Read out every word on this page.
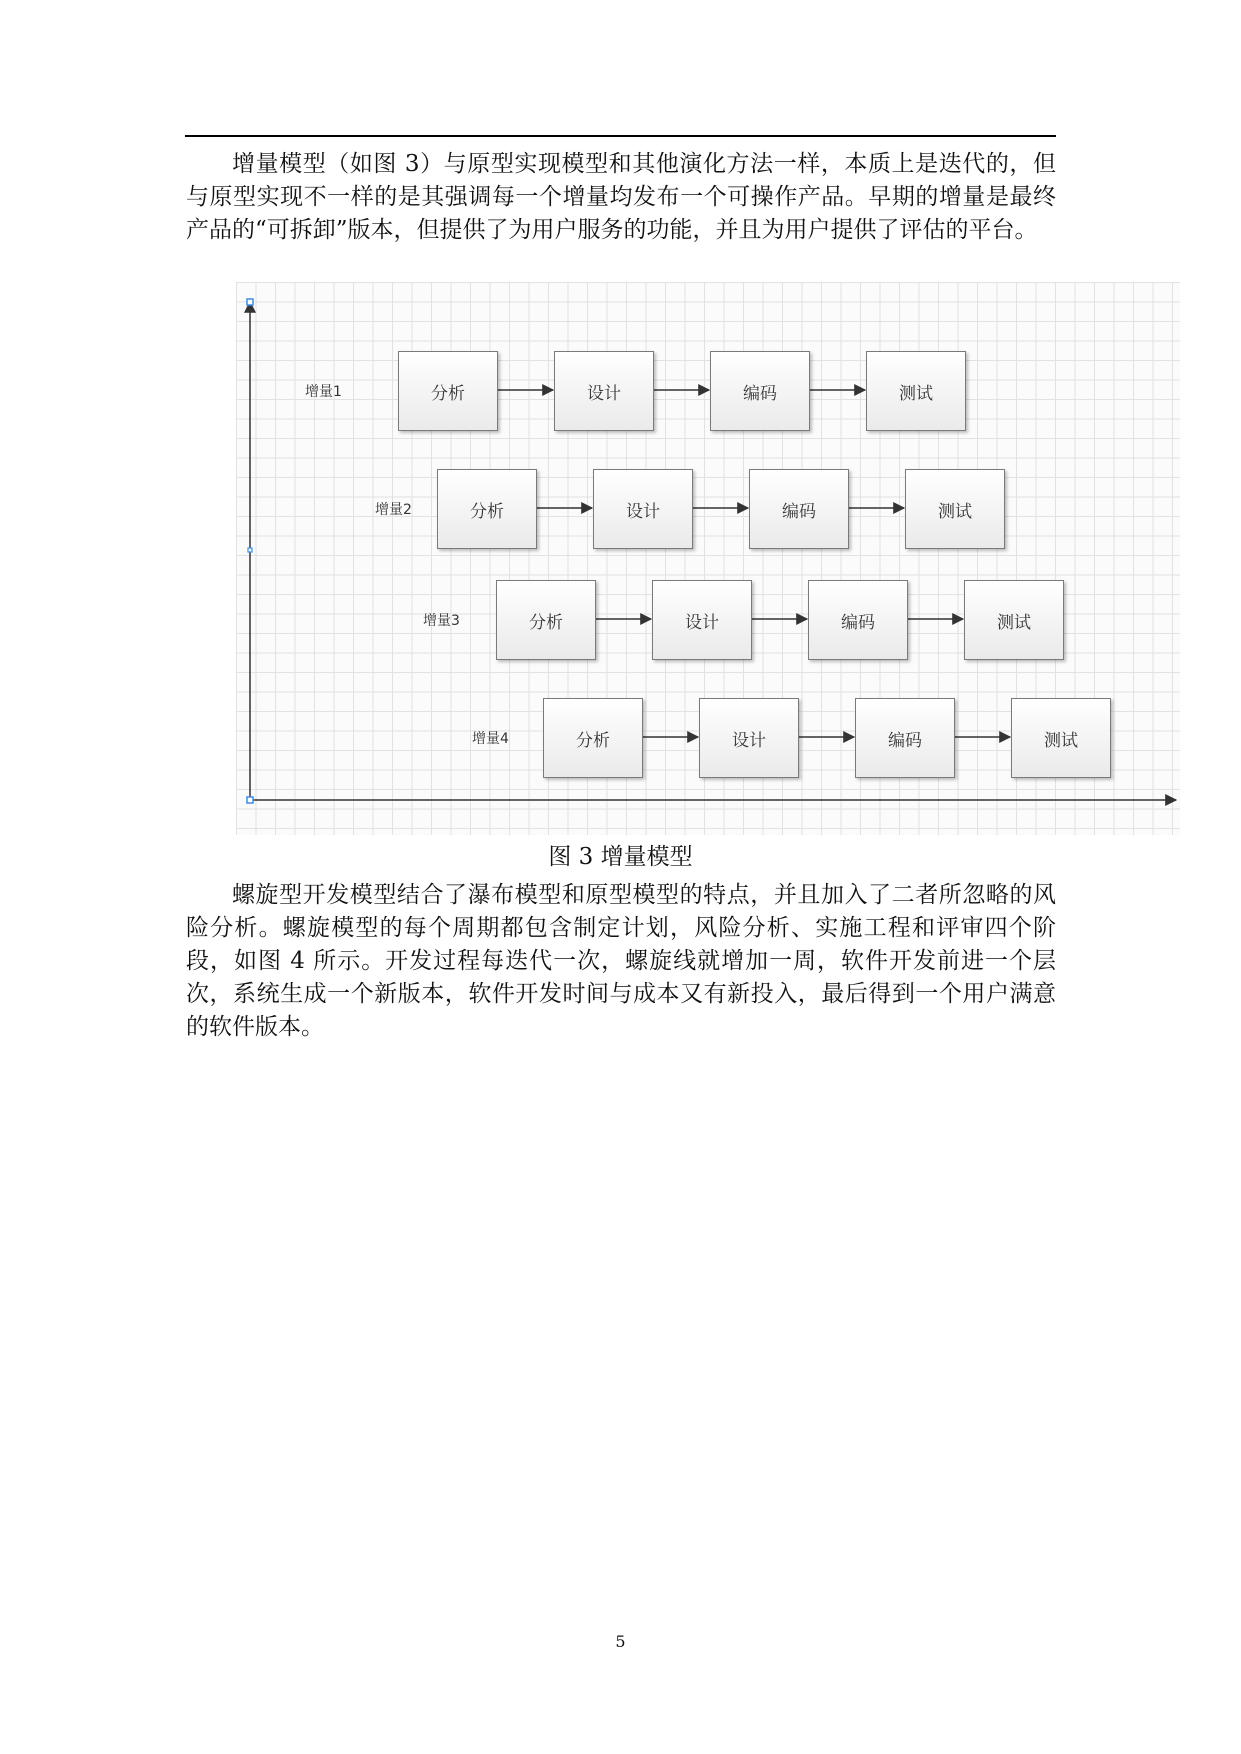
增量模型（如图 3）与原型实现模型和其他演化方法一样，本质上是迭代的，但与原型实现不一样的是其强调每一个增量均发布一个可操作产品。早期的增量是最终产品的“可拆卸”版本，但提供了为用户服务的功能，并且为用户提供了评估的平台。

增量1	分析	设计	编码	测试
增量2	分析	设计	编码	测试
增量3	分析	设计	编码	测试
增量4	分析	设计	编码	测试

图 3 增量模型

螺旋型开发模型结合了瀑布模型和原型模型的特点，并且加入了二者所忽略的风险分析。螺旋模型的每个周期都包含制定计划，风险分析、实施工程和评审四个阶段，如图 4 所示。开发过程每迭代一次，螺旋线就增加一周，软件开发前进一个层次，系统生成一个新版本，软件开发时间与成本又有新投入，最后得到一个用户满意的软件版本。

5
